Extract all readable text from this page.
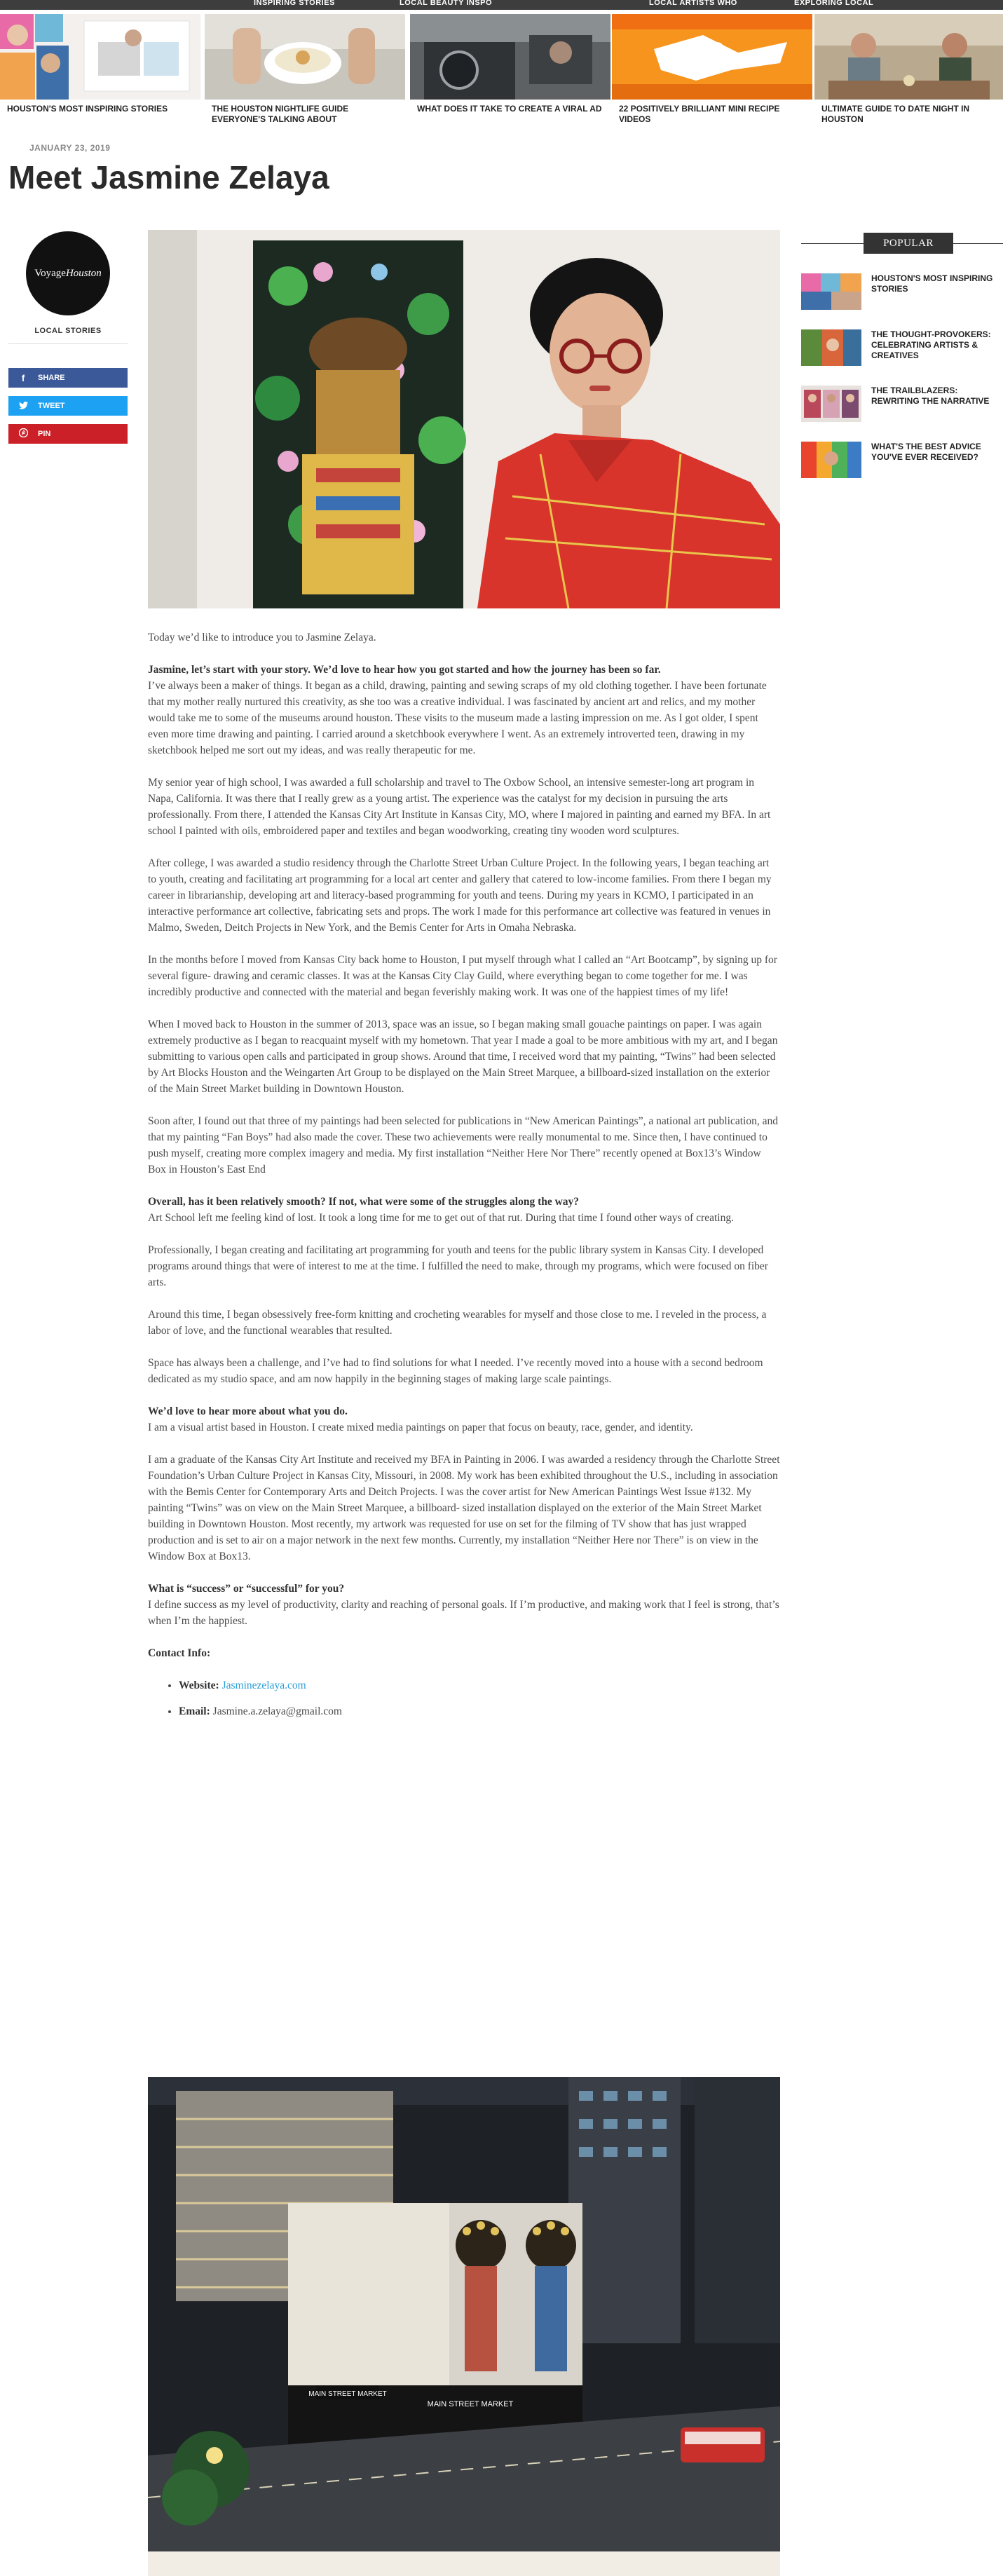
INSPIRING STORIES	LOCAL BEAUTY INSPO	LOCAL ARTISTS WHO	EXPLORING LOCAL
HOUSTON'S MOST INSPIRING STORIES	THE HOUSTON NIGHTLIFE GUIDE EVERYONE'S TALKING ABOUT
WHAT DOES IT TAKE TO CREATE A VIRAL AD	22 POSITIVELY BRILLIANT MINI RECIPE VIDEOS
ULTIMATE GUIDE TO DATE NIGHT IN HOUSTON
JANUARY 23, 2019
Meet Jasmine Zelaya
Voyage Houston
LOCAL STORIES
f	SHARE
TWEET
PIN

Today we’d like to introduce you to Jasmine Zelaya.

Jasmine, let’s start with your story. We’d love to hear how you got started and how the journey has been so far.

I’ve always been a maker of things. It began as a child, drawing, painting and sewing scraps of my old clothing together. I have been fortunate that my mother really nurtured this creativity, as she too was a creative individual. I was fascinated by ancient art and relics, and my mother would take me to some of the museums around houston. These visits to the museum made a lasting impression on me. As I got older, I spent even more time drawing and painting. I carried around a sketchbook everywhere I went. As an extremely introverted teen, drawing in my sketchbook helped me sort out my ideas, and was really therapeutic for me.

My senior year of high school, I was awarded a full scholarship and travel to The Oxbow School, an intensive semester-long art program in Napa, California. It was there that I really grew as a young artist. The experience was the catalyst for my decision in pursuing the arts professionally. From there, I attended the Kansas City Art Institute in Kansas City, MO, where I majored in painting and earned my BFA. In art school I painted with oils, embroidered paper and textiles and began woodworking, creating tiny wooden word sculptures.

After college, I was awarded a studio residency through the Charlotte Street Urban Culture Project. In the following years, I began teaching art to youth, creating and facilitating art programming for a local art center and gallery that catered to low-income families. From there I began my career in librarianship, developing art and literacy-based programming for youth and teens. During my years in KCMO, I participated in an interactive performance art collective, fabricating sets and props. The work I made for this performance art collective was featured in venues in Malmo, Sweden, Deitch Projects in New York, and the Bemis Center for Arts in Omaha Nebraska.

In the months before I moved from Kansas City back home to Houston, I put myself through what I called an “Art Bootcamp”, by signing up for several figure- drawing and ceramic classes. It was at the Kansas City Clay Guild, where everything began to come together for me. I was incredibly productive and connected with the material and began feverishly making work. It was one of the happiest times of my life!

When I moved back to Houston in the summer of 2013, space was an issue, so I began making small gouache paintings on paper. I was again extremely productive as I began to reacquaint myself with my hometown. That year I made a goal to be more ambitious with my art, and I began submitting to various open calls and participated in group shows. Around that time, I received word that my painting, “Twins” had been selected by Art Blocks Houston and the Weingarten Art Group to be displayed on the Main Street Marquee, a billboard-sized installation on the exterior of the Main Street Market building in Downtown Houston.

Soon after, I found out that three of my paintings had been selected for publications in “New American Paintings”, a national art publication, and that my painting “Fan Boys” had also made the cover. These two achievements were really monumental to me. Since then, I have continued to push myself, creating more complex imagery and media. My first installation “Neither Here Nor There” recently opened at Box13’s Window Box in Houston’s East End

Overall, has it been relatively smooth? If not, what were some of the struggles along the way?

Art School left me feeling kind of lost. It took a long time for me to get out of that rut. During that time I found other ways of creating.

Professionally, I began creating and facilitating art programming for youth and teens for the public library system in Kansas City. I developed programs around things that were of interest to me at the time. I fulfilled the need to make, through my programs, which were focused on fiber arts.

Around this time, I began obsessively free-form knitting and crocheting wearables for myself and those close to me. I reveled in the process, a labor of love, and the functional wearables that resulted.

Space has always been a challenge, and I’ve had to find solutions for what I needed. I’ve recently moved into a house with a second bedroom dedicated as my studio space, and am now happily in the beginning stages of making large scale paintings.

We’d love to hear more about what you do.

I am a visual artist based in Houston. I create mixed media paintings on paper that focus on beauty, race, gender, and identity.

I am a graduate of the Kansas City Art Institute and received my BFA in Painting in 2006. I was awarded a residency through the Charlotte Street Foundation’s Urban Culture Project in Kansas City, Missouri, in 2008. My work has been exhibited throughout the U.S., including in association with the Bemis Center for Contemporary Arts and Deitch Projects. I was the cover artist for New American Paintings West Issue #132. My painting “Twins” was on view on the Main Street Marquee, a billboard- sized installation displayed on the exterior of the Main Street Market building in Downtown Houston. Most recently, my artwork was requested for use on set for the filming of TV show that has just wrapped production and is set to air on a major network in the next few months. Currently, my installation “Neither Here nor There” is on view in the Window Box at Box13.

What is “success” or “successful” for you?

I define success as my level of productivity, clarity and reaching of personal goals. If I’m productive, and making work that I feel is strong, that’s when I’m the happiest.

Contact Info:

• Website: Jasminezelaya.com
• Email: Jasmine.a.zelaya@gmail.com
MAIN STREET MARKET
MAIN STREET MARKET
POPULAR
HOUSTON'S MOST INSPIRING STORIES
THE THOUGHT-PROVOKERS: CELEBRATING ARTISTS & CREATIVES
THE TRAILBLAZERS: REWRITING THE NARRATIVE
WHAT'S THE BEST ADVICE YOU'VE EVER RECEIVED?
